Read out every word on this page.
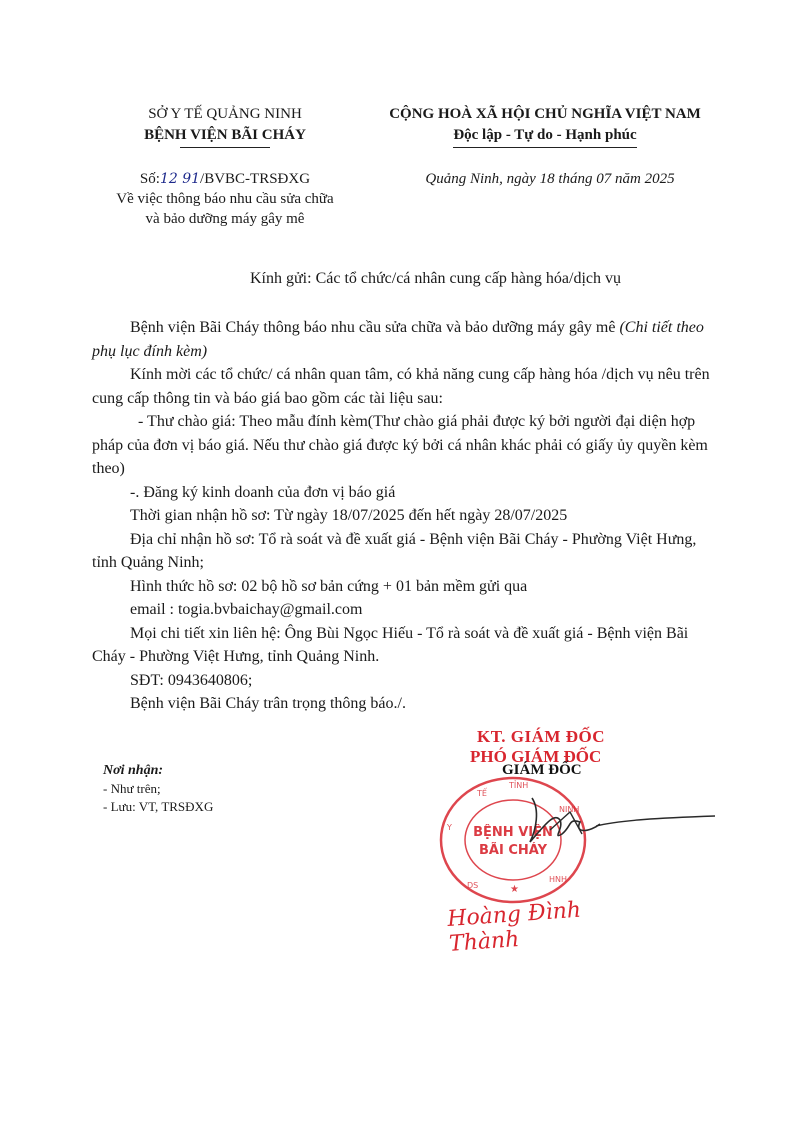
SỞ Y TẾ QUẢNG NINH
BỆNH VIỆN BÃI CHÁY
CỘNG HOÀ XÃ HỘI CHỦ NGHĨA VIỆT NAM
Độc lập - Tự do - Hạnh phúc
Số:12 91/BVBC-TRSĐXG
Về việc thông báo nhu cầu sửa chữa và bảo dưỡng máy gây mê
Quảng Ninh, ngày 18 tháng 07 năm 2025
Kính gửi: Các tổ chức/cá nhân cung cấp hàng hóa/dịch vụ

Bệnh viện Bãi Cháy thông báo nhu cầu sửa chữa và bảo dưỡng máy gây mê (Chi tiết theo phụ lục đính kèm)

Kính mời các tổ chức/ cá nhân quan tâm, có khả năng cung cấp hàng hóa /dịch vụ nêu trên cung cấp thông tin và báo giá bao gồm các tài liệu sau:

- Thư chào giá: Theo mẫu đính kèm(Thư chào giá phải được ký bởi người đại diện hợp pháp của đơn vị báo giá. Nếu thư chào giá được ký bởi cá nhân khác phải có giấy ủy quyền kèm theo)

-. Đăng ký kinh doanh của đơn vị báo giá

Thời gian nhận hồ sơ: Từ ngày 18/07/2025 đến hết ngày 28/07/2025

Địa chỉ nhận hồ sơ: Tổ rà soát và đề xuất giá - Bệnh viện Bãi Cháy - Phường Việt Hưng, tỉnh Quảng Ninh;

Hình thức hồ sơ: 02 bộ hồ sơ bản cứng + 01 bản mềm gửi qua

email : togia.bvbaichay@gmail.com

Mọi chi tiết xin liên hệ: Ông Bùi Ngọc Hiếu - Tổ rà soát và đề xuất giá - Bệnh viện Bãi Cháy - Phường Việt Hưng, tỉnh Quảng Ninh.

SĐT: 0943640806;

Bệnh viện Bãi Cháy trân trọng thông báo./.

Nơi nhận:
- Như trên;
- Lưu: VT, TRSĐXG
KT. GIÁM ĐỐC
PHÓ GIÁM ĐỐC
GIÁM ĐỐC
TẾ
TỈNH
Y
NINH
DS
HNH
★
BỆNH VIỆN
BÃI CHÁY
Hoàng Đình Thành
